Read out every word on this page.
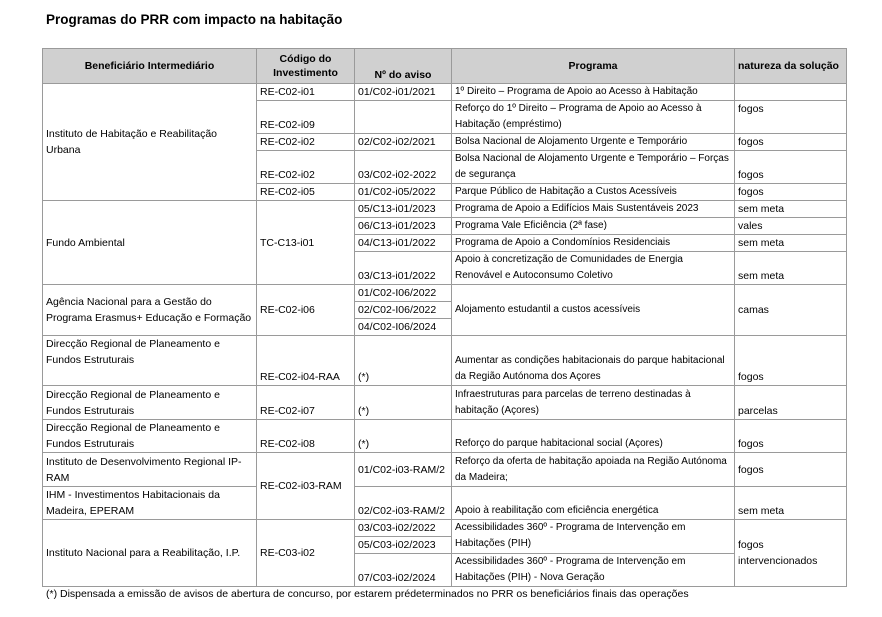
Programas do PRR com impacto na habitação
Beneficiário Intermediário	Código do Investimento	Nº do aviso	Programa	natureza da solução
Instituto de Habitação e Reabilitação Urbana	RE-C02-i01	01/C02-i01/2021	1º Direito – Programa de Apoio ao Acesso à Habitação	
	RE-C02-i09		Reforço do 1º Direito – Programa de Apoio ao Acesso à Habitação (empréstimo)	fogos
	RE-C02-i02	02/C02-i02/2021	Bolsa Nacional de Alojamento Urgente e Temporário	fogos
	RE-C02-i02	03/C02-i02-2022	Bolsa Nacional de Alojamento Urgente e Temporário – Forças de segurança	fogos
	RE-C02-i05	01/C02-i05/2022	Parque Público de Habitação a Custos Acessíveis	fogos
Fundo Ambiental	TC-C13-i01	05/C13-i01/2023	Programa de Apoio a Edifícios Mais Sustentáveis 2023	sem meta
		06/C13-i01/2023	Programa Vale Eficiência (2ª fase)	vales
		04/C13-i01/2022	Programa de Apoio a Condomínios Residenciais	sem meta
		03/C13-i01/2022	Apoio à concretização de Comunidades de Energia Renovável e Autoconsumo Coletivo	sem meta
Agência Nacional para a Gestão do Programa Erasmus+ Educação e Formação	RE-C02-i06	01/C02-I06/2022	Alojamento estudantil a custos acessíveis	camas
		02/C02-I06/2022		
		04/C02-I06/2024		
Direcção Regional de Planeamento e Fundos Estruturais	RE-C02-i04-RAA	(*)	Aumentar as condições habitacionais do parque habitacional da Região Autónoma dos Açores	fogos
Direcção Regional de Planeamento e Fundos Estruturais	RE-C02-i07	(*)	Infraestruturas para parcelas de terreno destinadas à habitação (Açores)	parcelas
Direcção Regional de Planeamento e Fundos Estruturais	RE-C02-i08	(*)	Reforço do parque habitacional social (Açores)	fogos
Instituto de Desenvolvimento Regional IP-RAM	RE-C02-i03-RAM	01/C02-i03-RAM/2	Reforço da oferta de habitação apoiada na Região Autónoma da Madeira;	fogos
IHM - Investimentos Habitacionais da Madeira, EPERAM		02/C02-i03-RAM/2	Apoio à reabilitação com eficiência energética	sem meta
Instituto Nacional para a Reabilitação, I.P.	RE-C03-i02	03/C03-i02/2022	Acessibilidades 360º - Programa de Intervenção em Habitações (PIH)	fogos intervencionados
		05/C03-i02/2023		
		07/C03-i02/2024	Acessibilidades 360º - Programa de Intervenção em Habitações (PIH) - Nova Geração	
(*) Dispensada a emissão de avisos de abertura de concurso, por estarem prédeterminados no PRR os beneficiários finais das operações
